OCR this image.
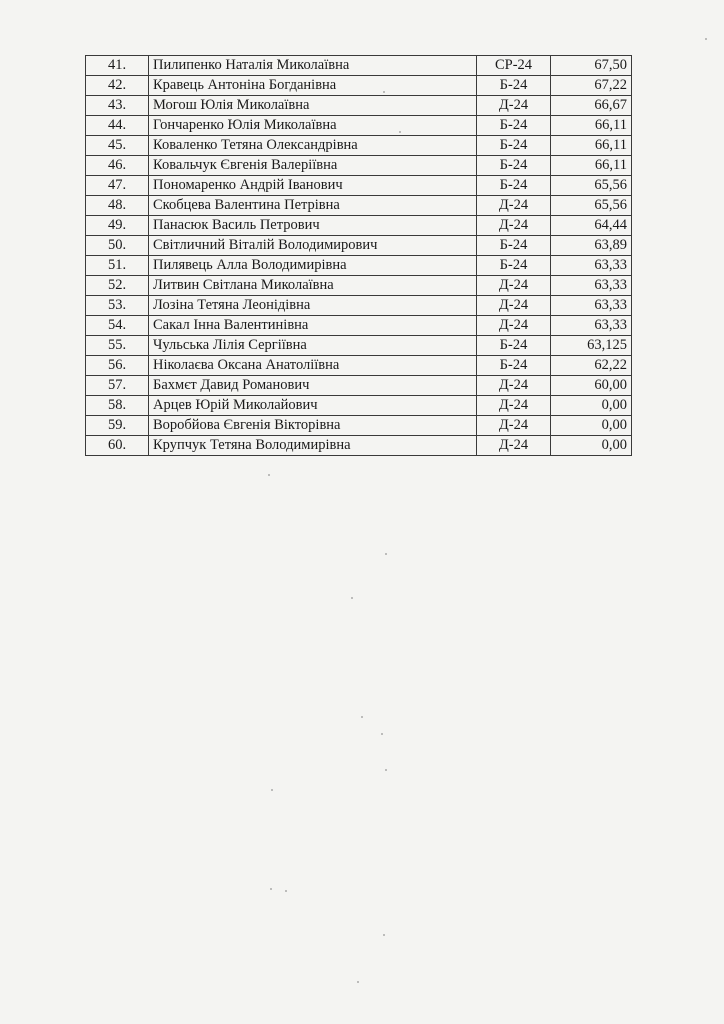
41.	Пилипенко Наталія Миколаївна	СР-24	67,50
42.	Кравець Антоніна Богданівна	Б-24	67,22
43.	Могош Юлія Миколаївна	Д-24	66,67
44.	Гончаренко Юлія Миколаївна	Б-24	66,11
45.	Коваленко Тетяна Олександрівна	Б-24	66,11
46.	Ковальчук Євгенія Валеріївна	Б-24	66,11
47.	Пономаренко Андрій Іванович	Б-24	65,56
48.	Скобцева Валентина Петрівна	Д-24	65,56
49.	Панасюк Василь Петрович	Д-24	64,44
50.	Світличний Віталій Володимирович	Б-24	63,89
51.	Пилявець Алла Володимирівна	Б-24	63,33
52.	Литвин Світлана Миколаївна	Д-24	63,33
53.	Лозіна Тетяна Леонідівна	Д-24	63,33
54.	Сакал Інна Валентинівна	Д-24	63,33
55.	Чульська Лілія Сергіївна	Б-24	63,125
56.	Ніколаєва Оксана Анатоліївна	Б-24	62,22
57.	Бахмєт Давид Романович	Д-24	60,00
58.	Арцев Юрій Миколайович	Д-24	0,00
59.	Воробйова Євгенія Вікторівна	Д-24	0,00
60.	Крупчук Тетяна Володимирівна	Д-24	0,00
